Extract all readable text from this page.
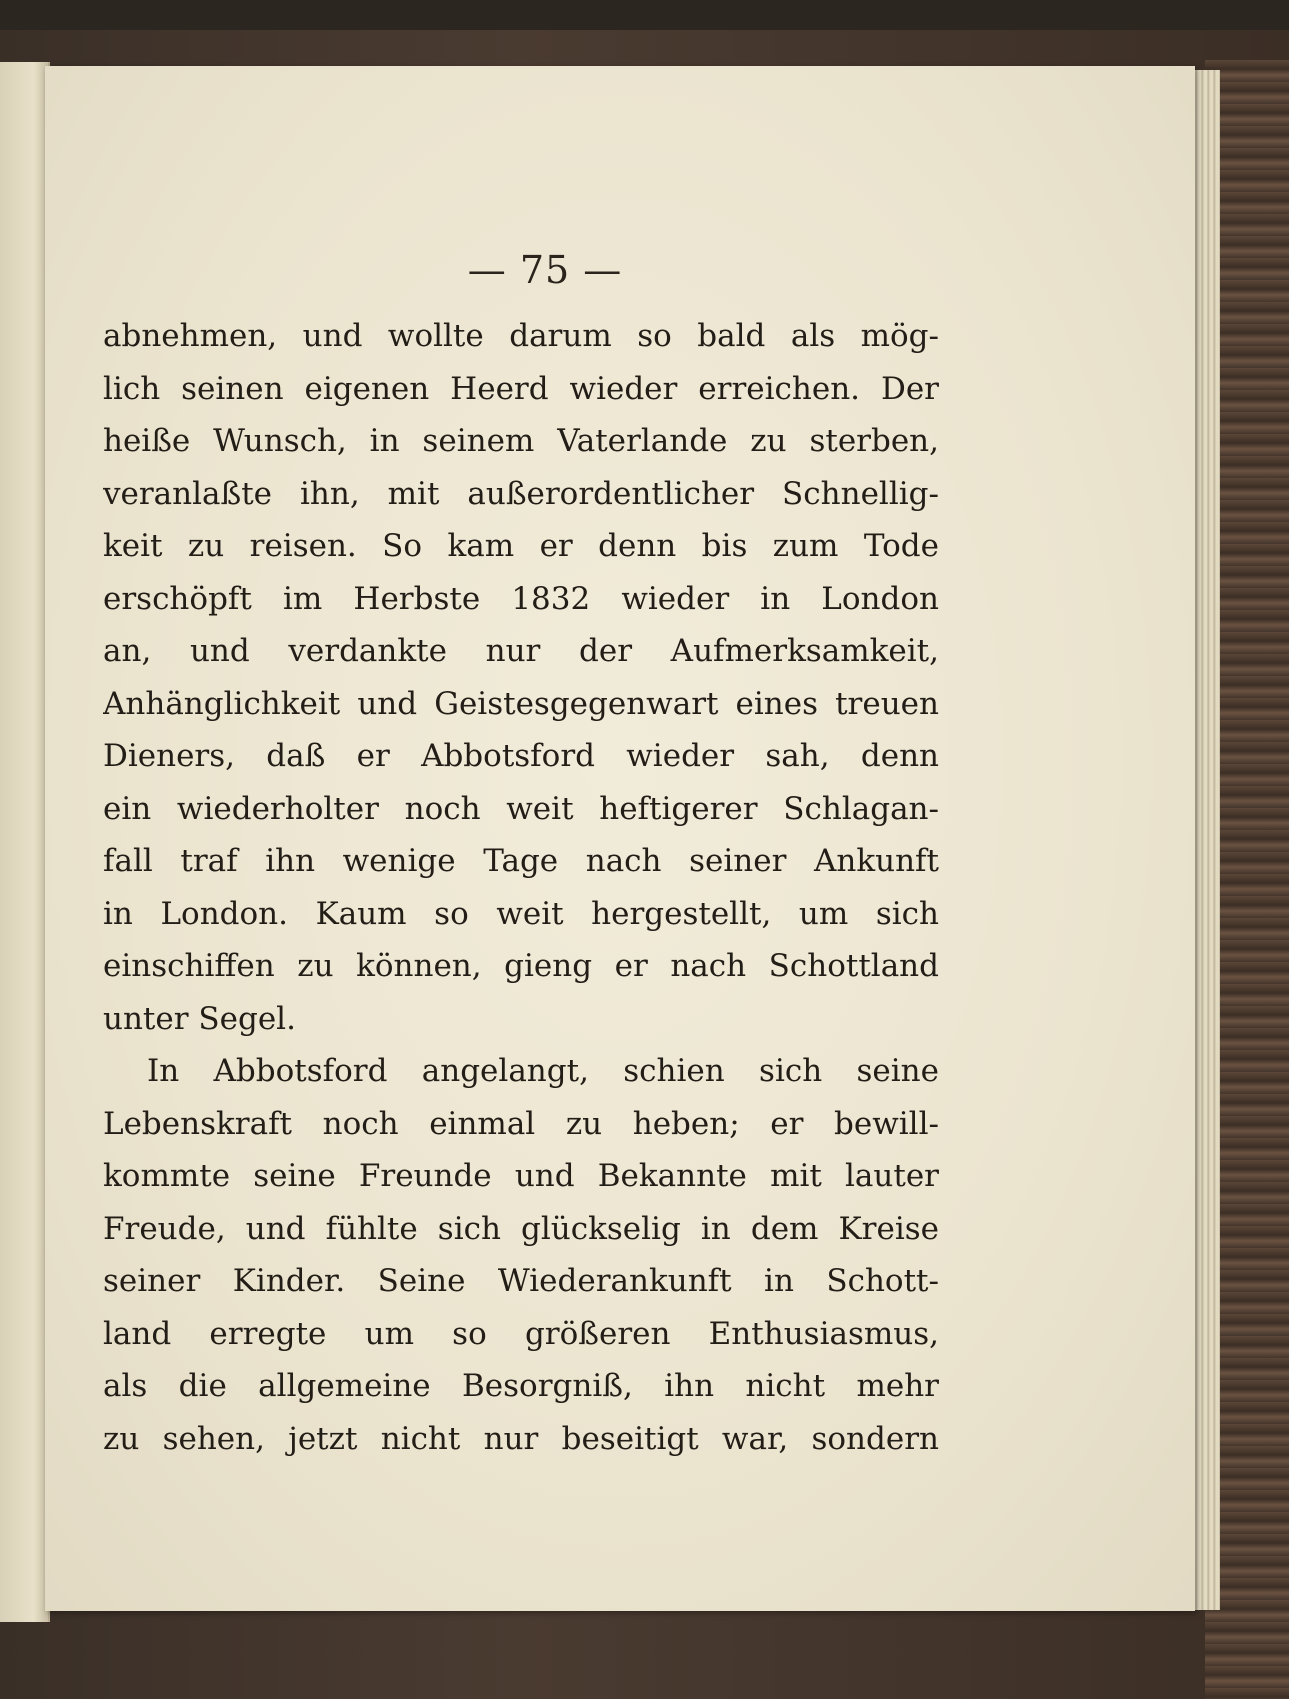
— 75 —
abnehmen, und wollte darum so bald als mög-
lich seinen eigenen Heerd wieder erreichen. Der
heiße Wunsch, in seinem Vaterlande zu sterben,
veranlaßte ihn, mit außerordentlicher Schnellig-
keit zu reisen. So kam er denn bis zum Tode
erschöpft im Herbste 1832 wieder in London
an, und verdankte nur der Aufmerksamkeit,
Anhänglichkeit und Geistesgegenwart eines treuen
Dieners, daß er Abbotsford wieder sah, denn
ein wiederholter noch weit heftigerer Schlagan-
fall traf ihn wenige Tage nach seiner Ankunft
in London. Kaum so weit hergestellt, um sich
einschiffen zu können, gieng er nach Schottland
unter Segel.
In Abbotsford angelangt, schien sich seine
Lebenskraft noch einmal zu heben; er bewill-
kommte seine Freunde und Bekannte mit lauter
Freude, und fühlte sich glückselig in dem Kreise
seiner Kinder. Seine Wiederankunft in Schott-
land erregte um so größeren Enthusiasmus,
als die allgemeine Besorgniß, ihn nicht mehr
zu sehen, jetzt nicht nur beseitigt war, sondern
